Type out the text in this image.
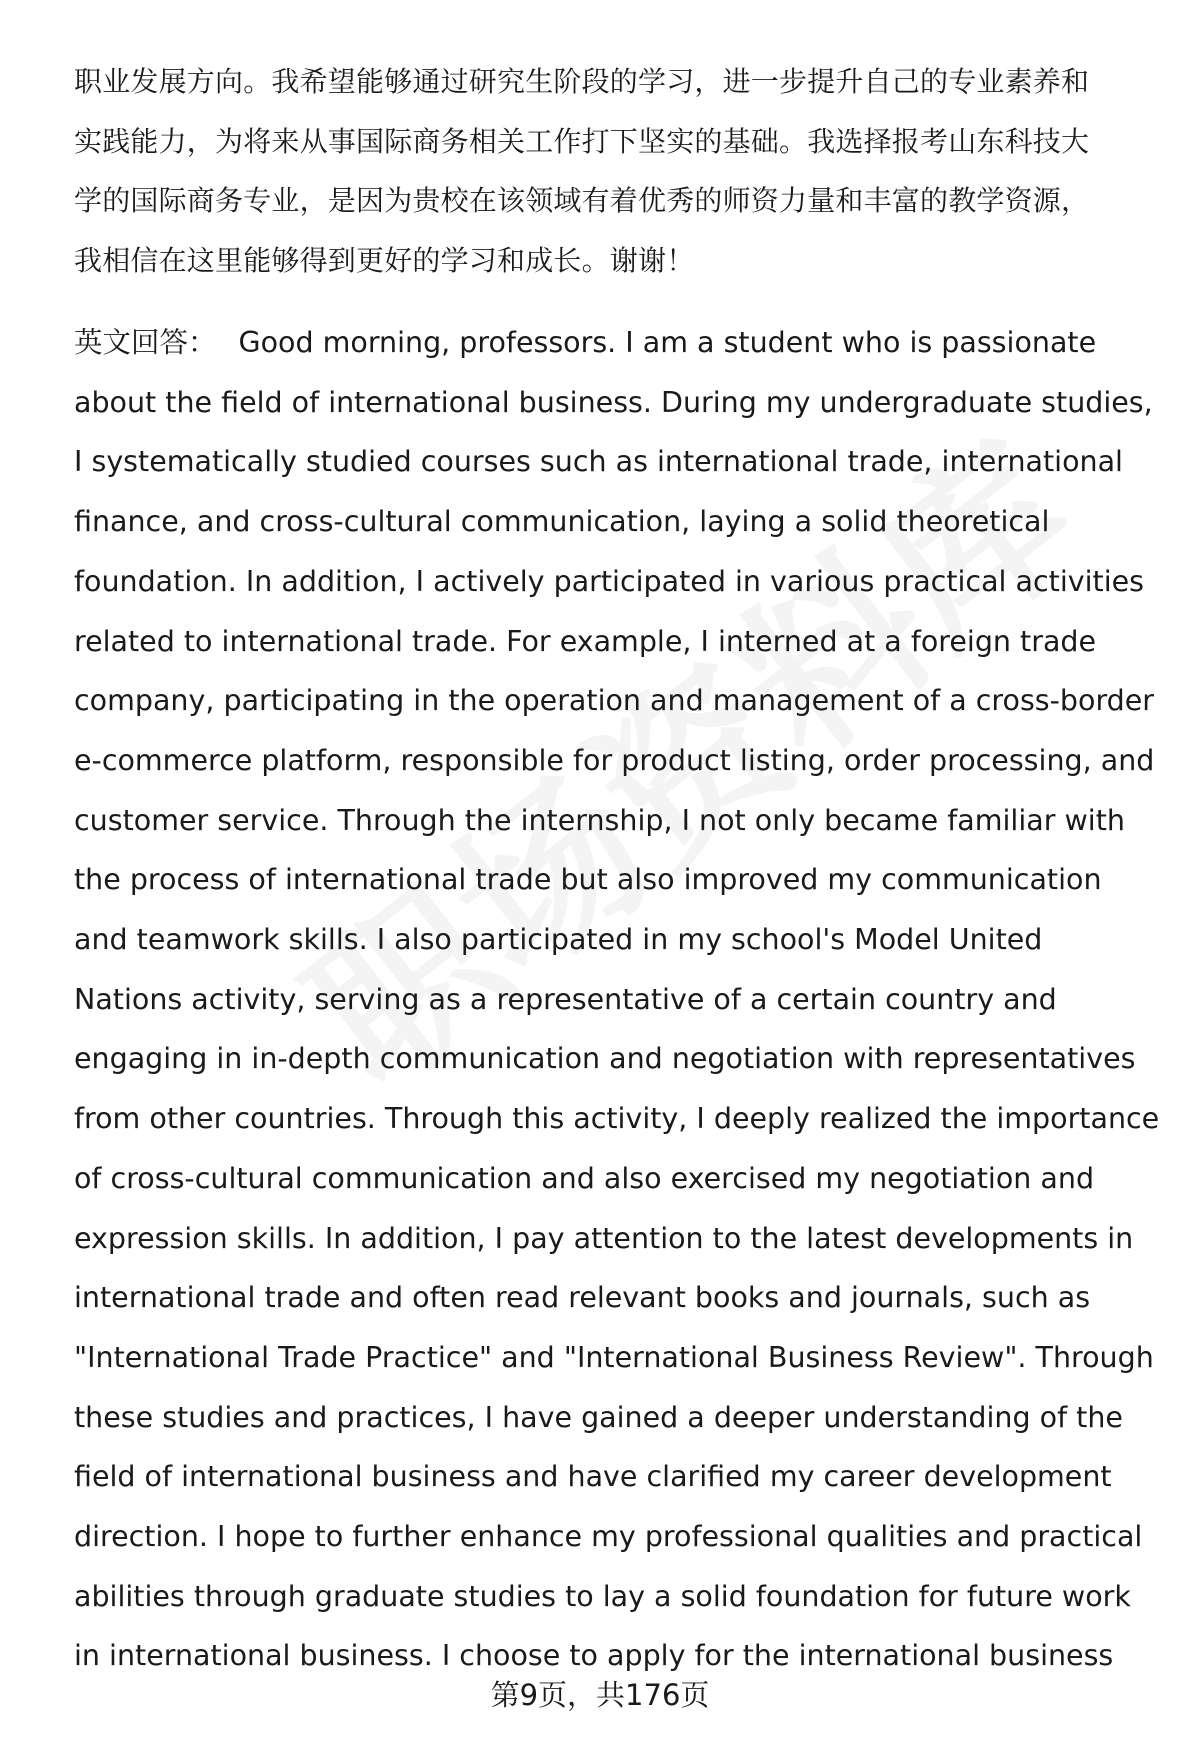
职业发展方向。我希望能够通过研究生阶段的学习，进一步提升自己的专业素养和
实践能力，为将来从事国际商务相关工作打下坚实的基础。我选择报考山东科技大
学的国际商务专业，是因为贵校在该领域有着优秀的师资力量和丰富的教学资源，
我相信在这里能够得到更好的学习和成长。谢谢！

英文回答： Good morning, professors. I am a student who is passionate
about the field of international business. During my undergraduate studies,
I systematically studied courses such as international trade, international
finance, and cross-cultural communication, laying a solid theoretical
foundation. In addition, I actively participated in various practical activities
related to international trade. For example, I interned at a foreign trade
company, participating in the operation and management of a cross-border
e-commerce platform, responsible for product listing, order processing, and
customer service. Through the internship, I not only became familiar with
the process of international trade but also improved my communication
and teamwork skills. I also participated in my school's Model United
Nations activity, serving as a representative of a certain country and
engaging in in-depth communication and negotiation with representatives
from other countries. Through this activity, I deeply realized the importance
of cross-cultural communication and also exercised my negotiation and
expression skills. In addition, I pay attention to the latest developments in
international trade and often read relevant books and journals, such as
"International Trade Practice" and "International Business Review". Through
these studies and practices, I have gained a deeper understanding of the
field of international business and have clarified my career development
direction. I hope to further enhance my professional qualities and practical
abilities through graduate studies to lay a solid foundation for future work
in international business. I choose to apply for the international business

第9页，共176页
